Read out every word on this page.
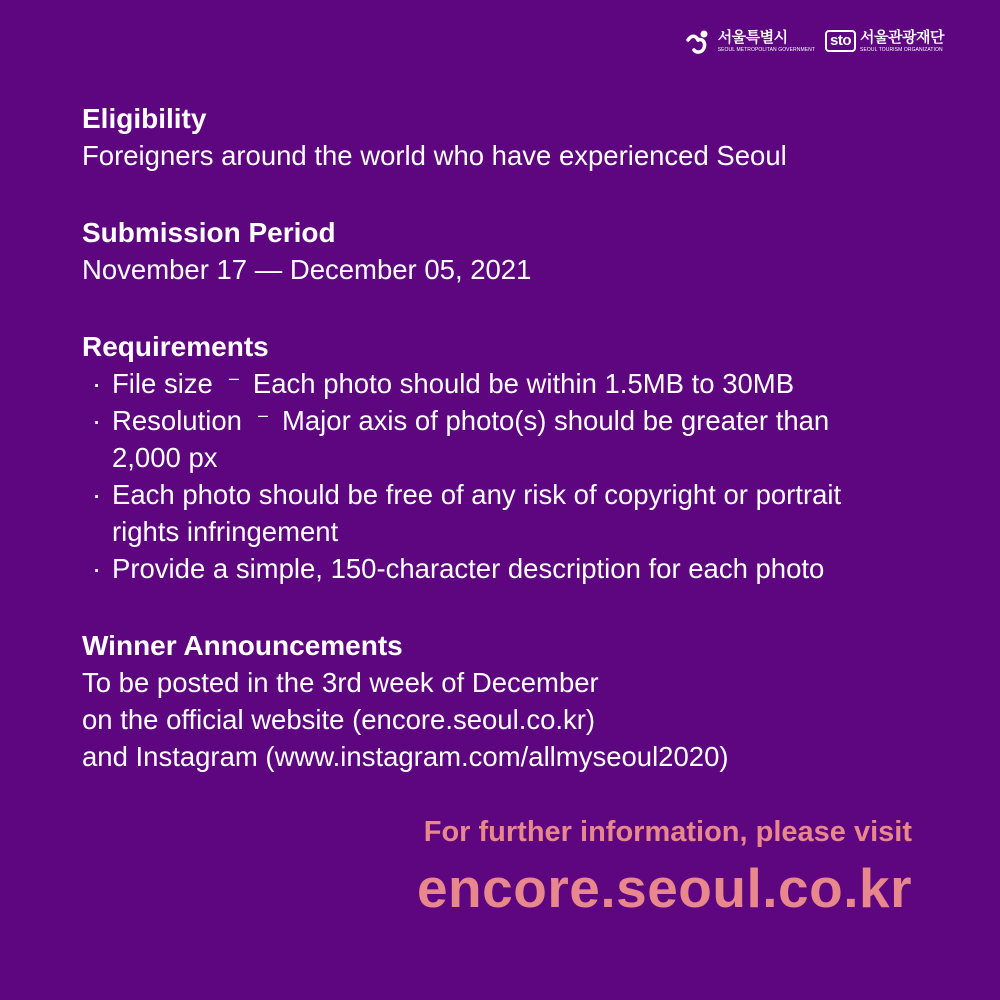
서울특별시
SEOUL METROPOLITAN GOVERNMENT
sto 서울관광재단
SEOUL TOURISM ORGANIZATION
Eligibility
Foreigners around the world who have experienced Seoul
Submission Period
November 17 — December 05, 2021
Requirements
· File size – Each photo should be within 1.5MB to 30MB
· Resolution – Major axis of photo(s) should be greater than
2,000 px
· Each photo should be free of any risk of copyright or portrait
rights infringement
· Provide a simple, 150-character description for each photo
Winner Announcements
To be posted in the 3rd week of December
on the official website (encore.seoul.co.kr)
and Instagram (www.instagram.com/allmyseoul2020)
For further information, please visit
encore.seoul.co.kr
